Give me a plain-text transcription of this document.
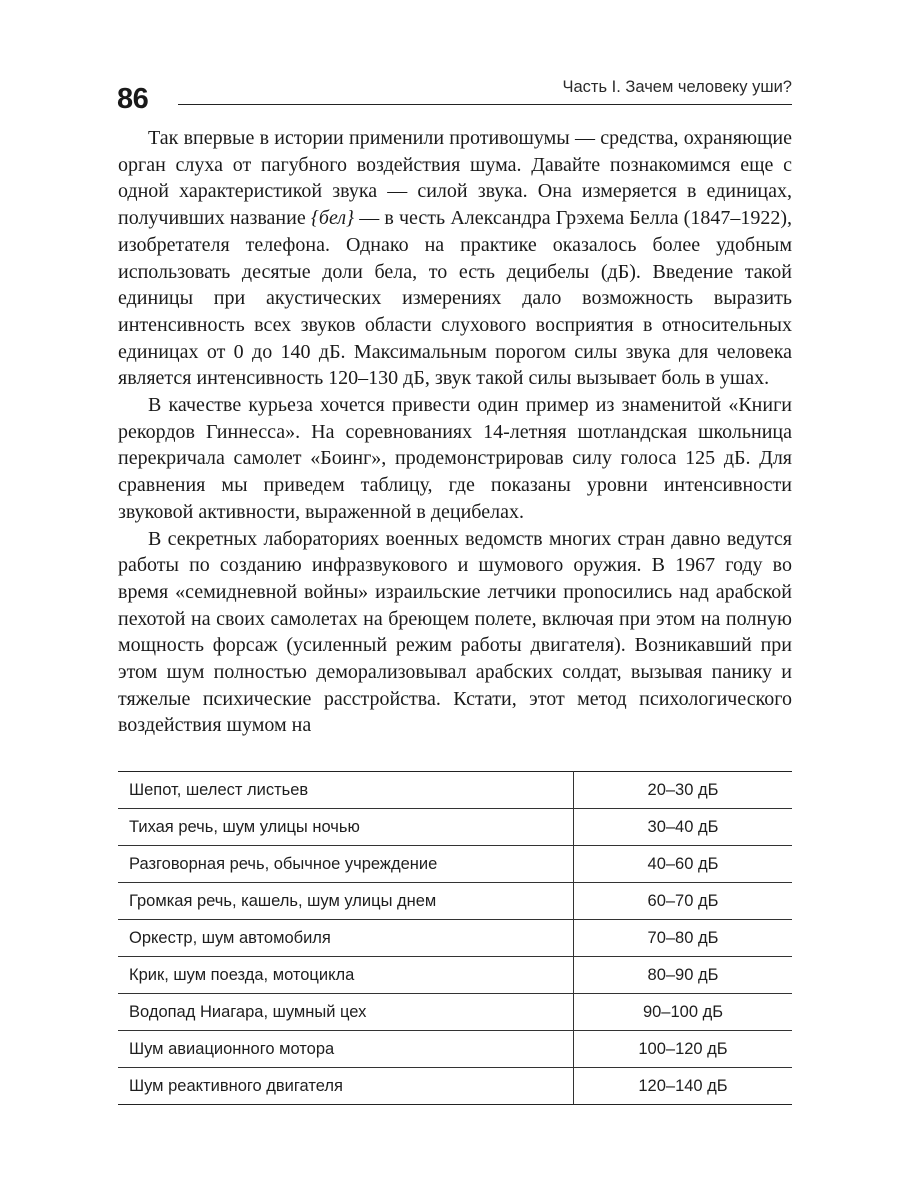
86	Часть I. Зачем человеку уши?

Так впервые в истории применили противошумы — средства, охраняющие орган слуха от пагубного воздействия шума. Давайте познакомимся еще с одной характеристикой звука — силой звука. Она измеряется в единицах, получивших название {бел} — в честь Александра Грэхема Белла (1847–1922), изобретателя телефона. Однако на практике оказалось более удобным использовать десятые доли бела, то есть децибелы (дБ). Введение такой единицы при акустических измерениях дало возможность выразить интенсивность всех звуков области слухового восприятия в относительных единицах от 0 до 140 дБ. Максимальным порогом силы звука для человека является интенсивность 120–130 дБ, звук такой силы вызывает боль в ушах.

В качестве курьеза хочется привести один пример из знаменитой «Книги рекордов Гиннесса». На соревнованиях 14-летняя шотландская школьница перекричала самолет «Боинг», продемонстрировав силу голоса 125 дБ. Для сравнения мы приведем таблицу, где показаны уровни интенсивности звуковой активности, выраженной в децибелах.

В секретных лабораториях военных ведомств многих стран давно ведутся работы по созданию инфразвукового и шумового оружия. В 1967 году во время «семидневной войны» израильские летчики прonoсились над арабской пехотой на своих самолетах на бреющем полете, включая при этом на полную мощность форсаж (усиленный режим работы двигателя). Возникавший при этом шум полностью деморализовывал арабских солдат, вызывая панику и тяжелые психические расстройства. Кстати, этот метод психологического воздействия шумом на

Шепот, шелест листьев	20–30 дБ
Тихая речь, шум улицы ночью	30–40 дБ
Разговорная речь, обычное учреждение	40–60 дБ
Громкая речь, кашель, шум улицы днем	60–70 дБ
Оркестр, шум автомобиля	70–80 дБ
Крик, шум поезда, мотоцикла	80–90 дБ
Водопад Ниагара, шумный цех	90–100 дБ
Шум авиационного мотора	100–120 дБ
Шум реактивного двигателя	120–140 дБ
